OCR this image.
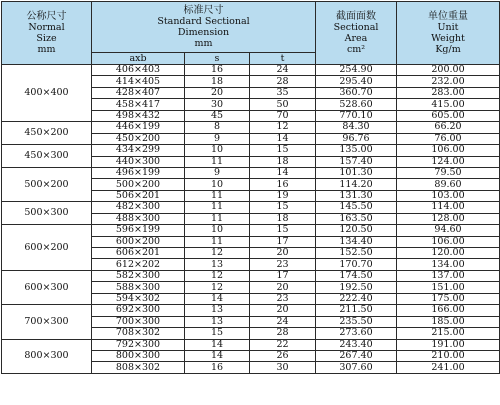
公称尺寸
Normal
Size
mm	标准尺寸
Standard Sectional
Dimension
mm			截面面数
Sectional
Area
cm²	单位重量
Unit
Weight
Kg/m

	axb	s	t		
400×400	406×403	16	24	254.90	200.00
	414×405	18	28	295.40	232.00
	428×407	20	35	360.70	283.00
	458×417	30	50	528.60	415.00
	498×432	45	70	770.10	605.00
450×200	446×199	8	12	84.30	66.20
	450×200	9	14	96.76	76.00
450×300	434×299	10	15	135.00	106.00
	440×300	11	18	157.40	124.00
500×200	496×199	9	14	101.30	79.50
	500×200	10	16	114.20	89.60
	506×201	11	19	131.30	103.00
500×300	482×300	11	15	145.50	114.00
	488×300	11	18	163.50	128.00
600×200	596×199	10	15	120.50	94.60
	600×200	11	17	134.40	106.00
	606×201	12	20	152.50	120.00
	612×202	13	23	170.70	134.00
600×300	582×300	12	17	174.50	137.00
	588×300	12	20	192.50	151.00
	594×302	14	23	222.40	175.00
700×300	692×300	13	20	211.50	166.00
	700×300	13	24	235.50	185.00
	708×302	15	28	273.60	215.00
800×300	792×300	14	22	243.40	191.00
	800×300	14	26	267.40	210.00
	808×302	16	30	307.60	241.00
